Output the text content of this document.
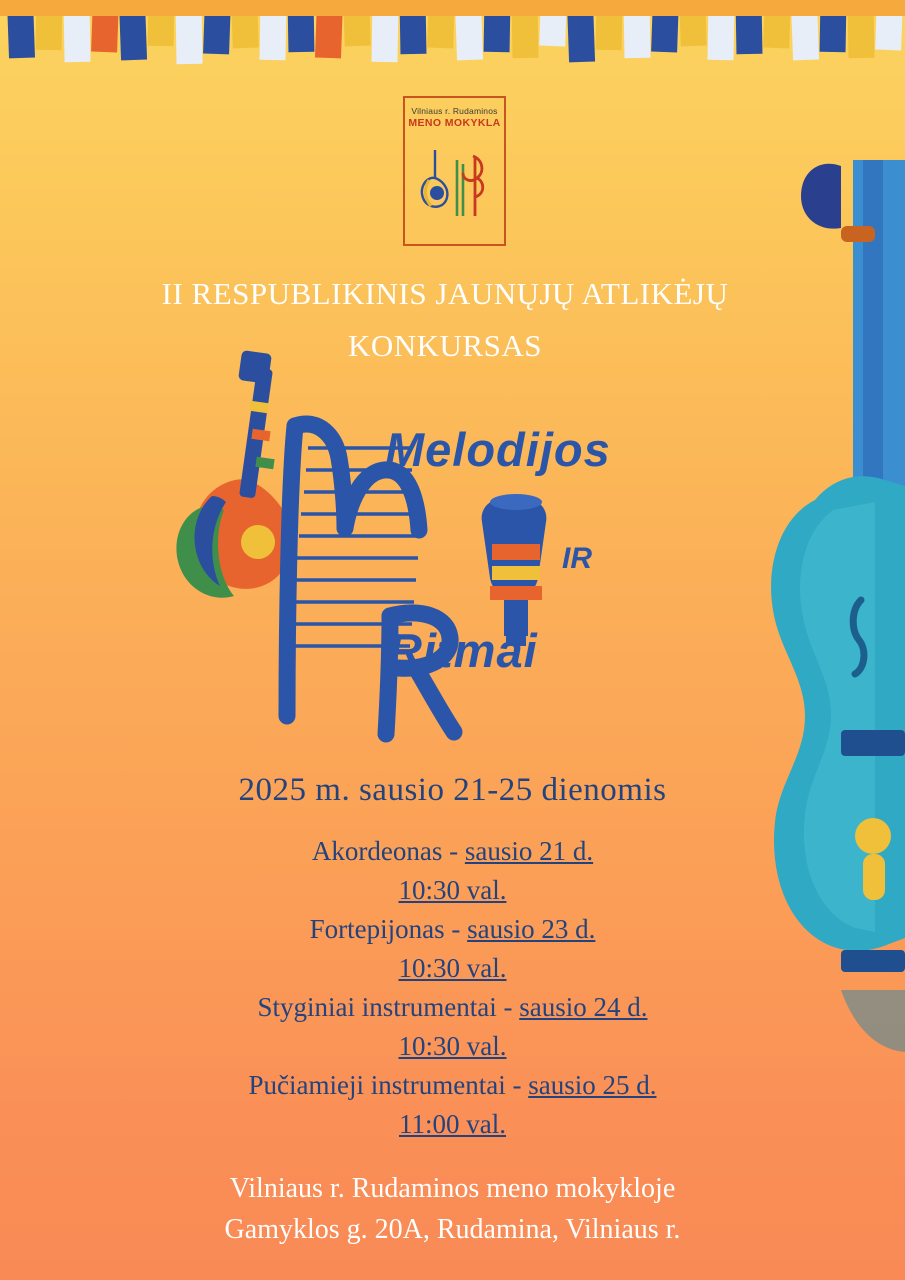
Vilniaus r. Rudaminos
MENO MOKYKLA
II RESPUBLIKINIS JAUNŲJŲ ATLIKĖJŲ
KONKURSAS
Melodijos
IR
Ritmai
2025 m. sausio 21-25 dienomis
Akordeonas - sausio 21 d.
10:30 val.
Fortepijonas - sausio 23 d.
10:30 val.
Styginiai instrumentai - sausio 24 d.
10:30 val.
Pučiamieji instrumentai - sausio 25 d.
11:00 val.
Vilniaus r. Rudaminos meno mokykloje
Gamyklos g. 20A, Rudamina, Vilniaus r.
